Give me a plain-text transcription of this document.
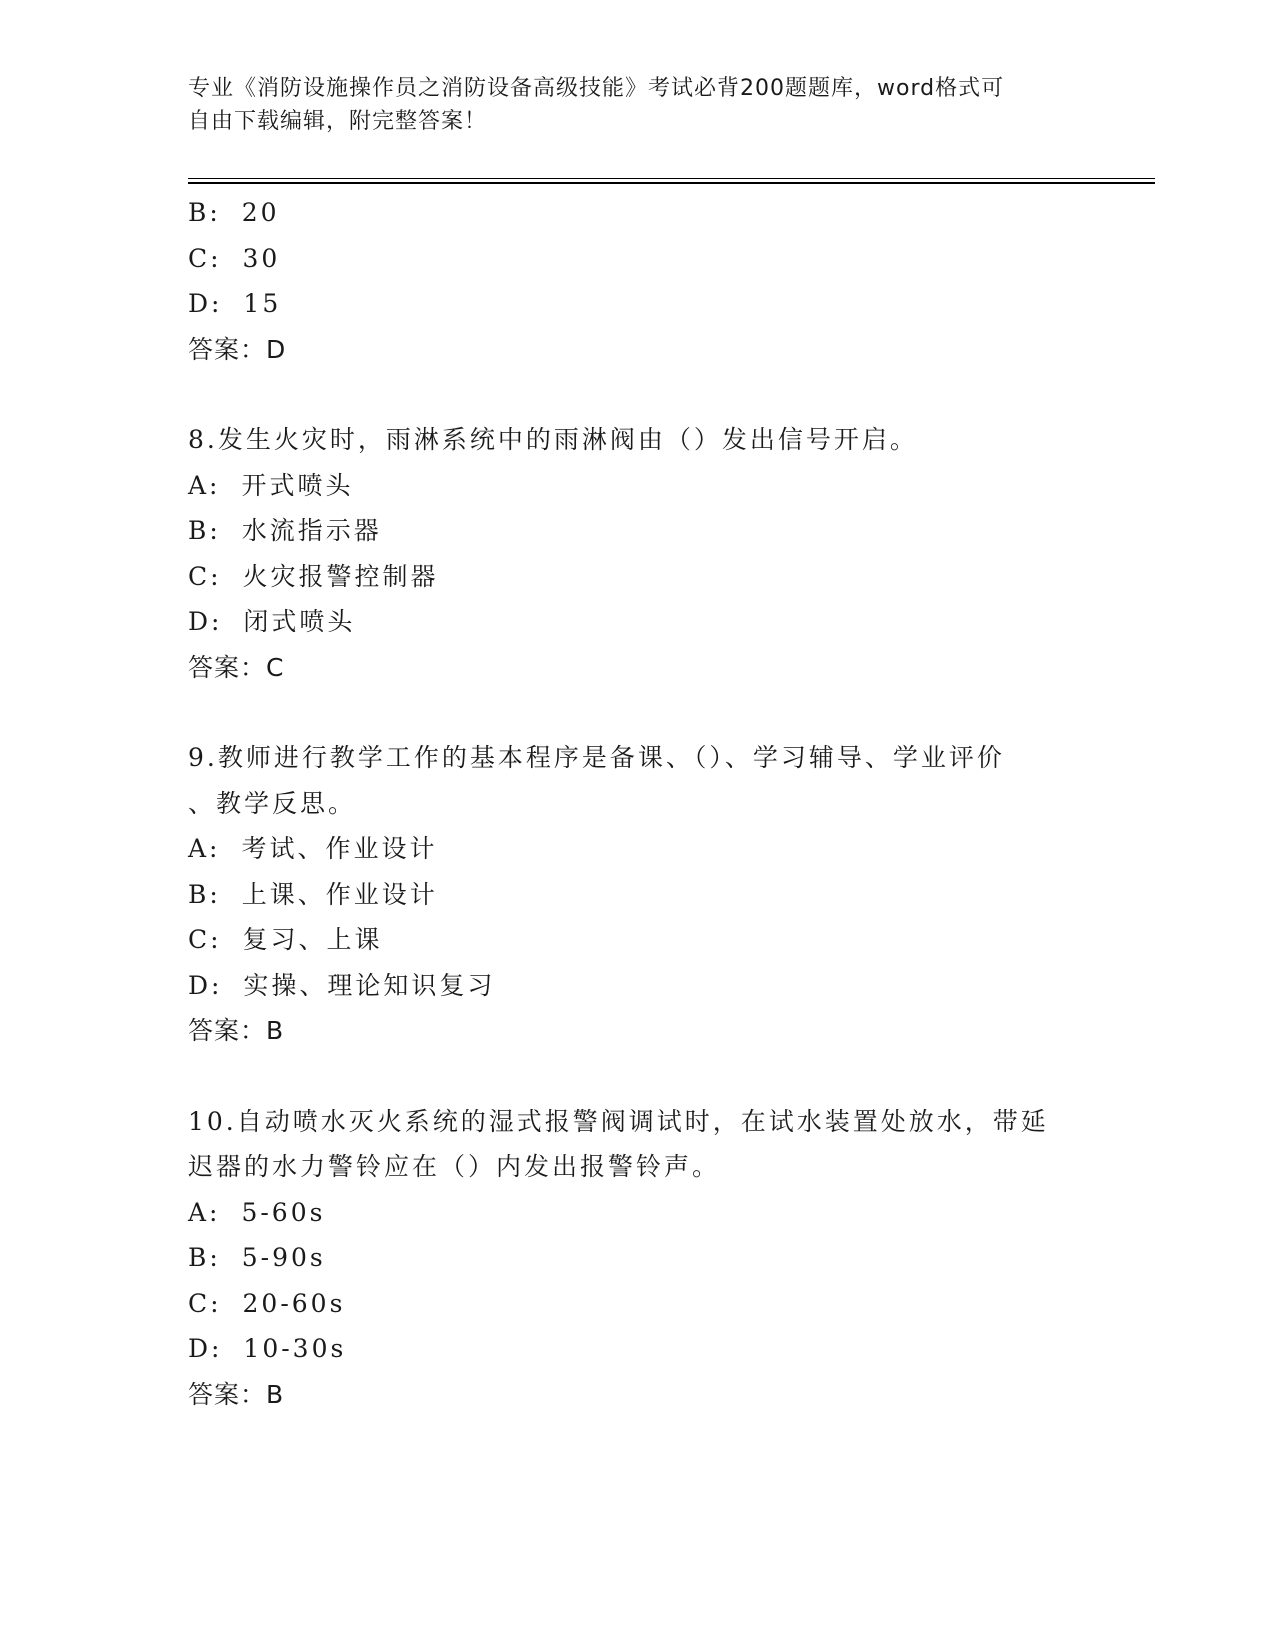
专业《消防设施操作员之消防设备高级技能》考试必背200题题库，word格式可
自由下载编辑，附完整答案！
B: 20
C: 30
D: 15
答案：D
8.发生火灾时，雨淋系统中的雨淋阀由（）发出信号开启。
A: 开式喷头
B: 水流指示器
C: 火灾报警控制器
D: 闭式喷头
答案：C
9.教师进行教学工作的基本程序是备课、（）、学习辅导、学业评价
、教学反思。
A: 考试、作业设计
B: 上课、作业设计
C: 复习、上课
D: 实操、理论知识复习
答案：B
10.自动喷水灭火系统的湿式报警阀调试时，在试水装置处放水，带延
迟器的水力警铃应在（）内发出报警铃声。
A: 5-60s
B: 5-90s
C: 20-60s
D: 10-30s
答案：B
